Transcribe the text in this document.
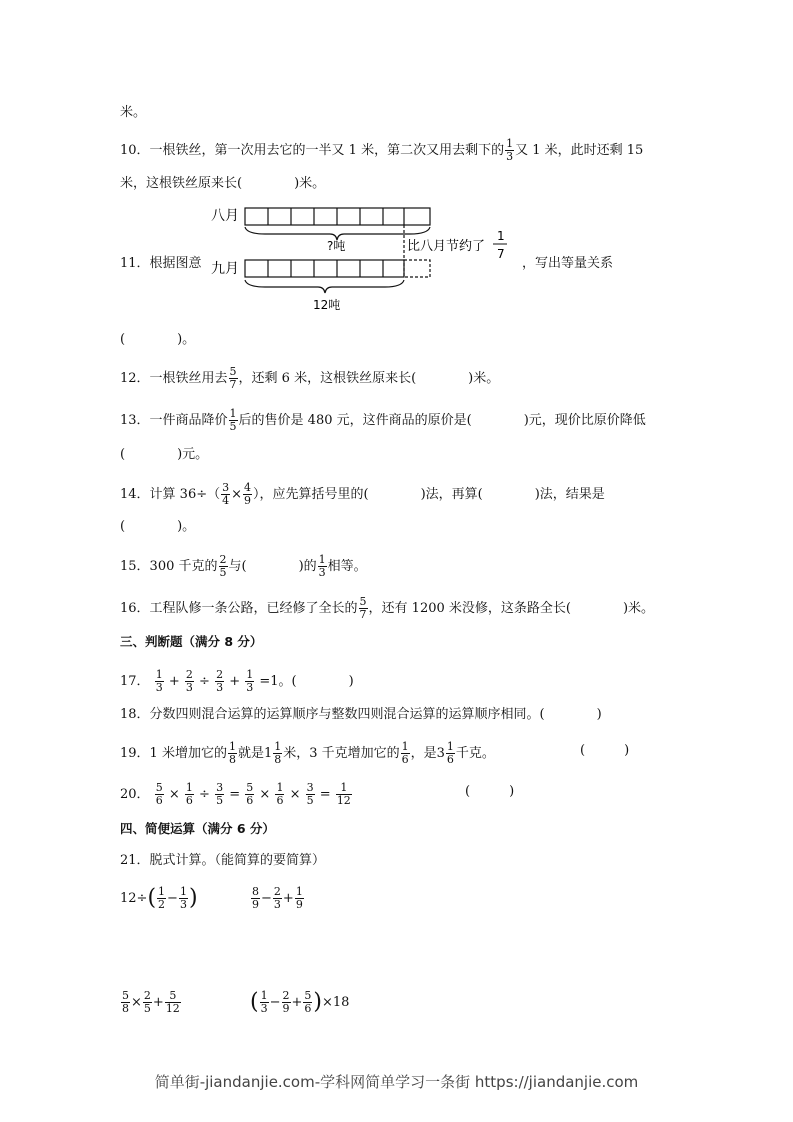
米。
10．一根铁丝，第一次用去它的一半又 1 米，第二次又用去剩下的 $\frac{1}{3}$ 又 1 米，此时还剩 15
米，这根铁丝原来长(　　　　)米。
11．根据图意
八月
?吨
九月
12吨
比八月节约了
1
7
，写出等量关系
(　　　　)。
12．一根铁丝用去 $\frac{5}{7}$ ，还剩 6 米，这根铁丝原来长(　　　　)米。
13．一件商品降价 $\frac{1}{5}$ 后的售价是 480 元，这件商品的原价是(　　　　)元，现价比原价降低
(　　　　)元。
14．计算 $36\div( \frac{3}{4} \times \frac{4}{9}$ ），应先算括号里的(　　　　)法，再算(　　　　)法，结果是
(　　　　)。
15．300 千克的 $\frac{2}{5}$ 与(　　　　)的 $\frac{1}{3}$ 相等。
16．工程队修一条公路，已经修了全长的 $\frac{5}{7}$ ，还有 1200 米没修，这条路全长(　　　　)米。
三、判断题（满分 8 分）
17． $\frac{1}{3} + \frac{2}{3} \div \frac{2}{3} + \frac{1}{3} =1$。(　　　　)
18．分数四则混合运算的运算顺序与整数四则混合运算的运算顺序相同。(　　　　)
19．1 米增加它的 $\frac{1}{8}$ 就是$1 \frac{1}{8}$ 米，3 千克增加它的 $\frac{1}{6}$ ，是$3 \frac{1}{6}$ 千克。	(　　　)
20． $\frac{5}{6} \times \frac{1}{6} \div \frac{3}{5} = \frac{5}{6} \times \frac{1}{6} \times \frac{3}{5} = \frac{1}{12}$	(　　　)
四、简便运算（满分 6 分）
21．脱式计算。（能简算的要简算）
$12\div( \frac{1}{2} - \frac{1}{3}$ )	$\frac{8}{9} - \frac{2}{3} + \frac{1}{9}$
$\frac{5}{8} \times \frac{2}{5} + \frac{5}{12}$	( $\frac{1}{3} - \frac{2}{9} + \frac{5}{6} )\times 18$
简单街-jiandanjie.com-学科网简单学习一条街 https://jiandanjie.com
